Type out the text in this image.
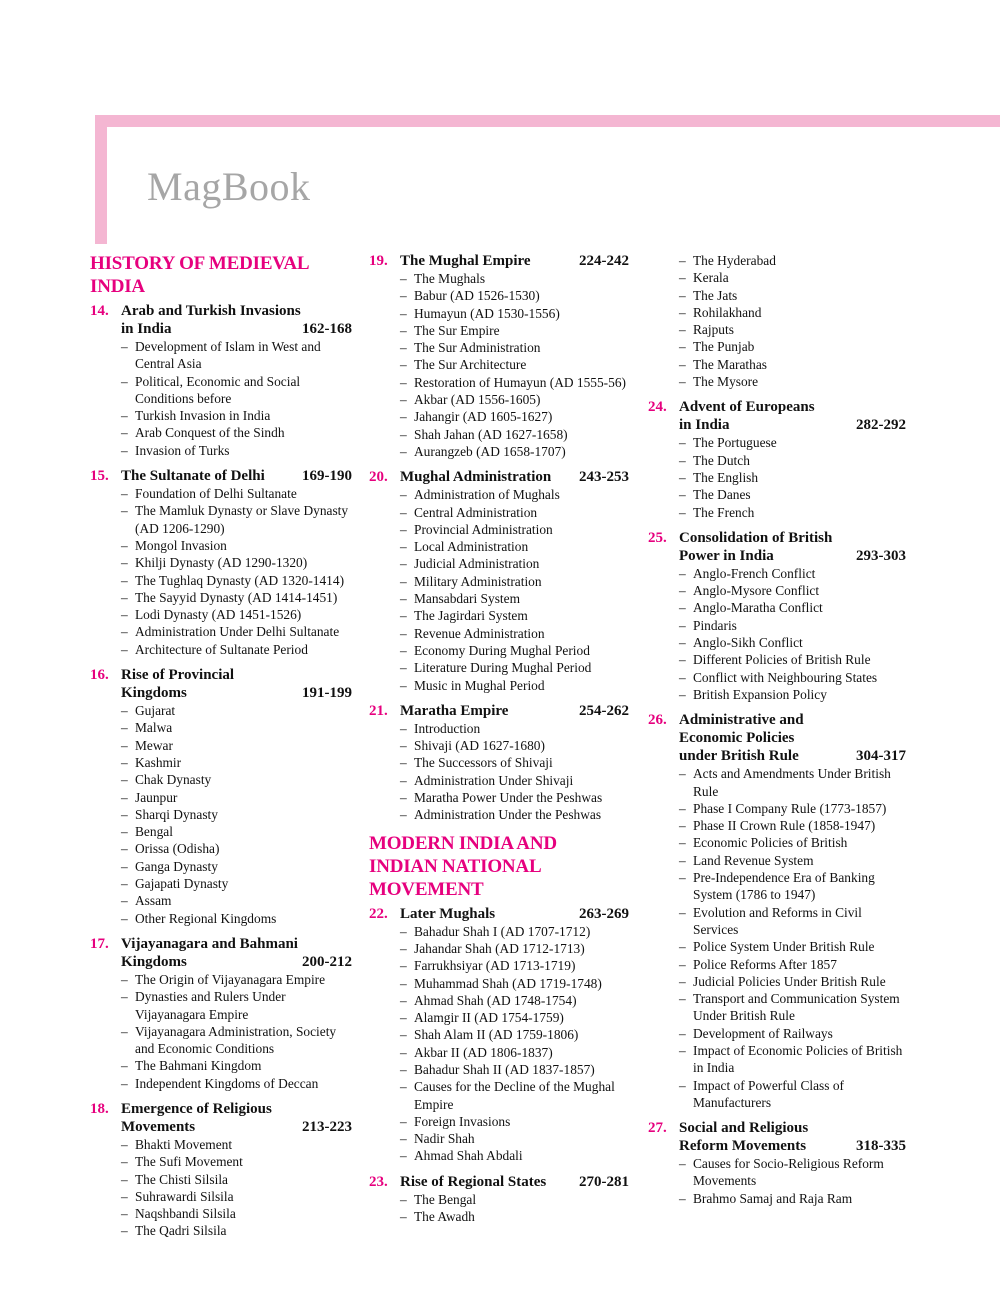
MagBook
HISTORY OF MEDIEVAL INDIA
14. Arab and Turkish Invasions
in India	162-168
– Development of Islam in West and Central Asia
– Political, Economic and Social Conditions before
– Turkish Invasion in India
– Arab Conquest of the Sindh
– Invasion of Turks
15. The Sultanate of Delhi	169-190
– Foundation of Delhi Sultanate
– The Mamluk Dynasty or Slave Dynasty (AD 1206-1290)
– Mongol Invasion
– Khilji Dynasty (AD 1290-1320)
– The Tughlaq Dynasty (AD 1320-1414)
– The Sayyid Dynasty (AD 1414-1451)
– Lodi Dynasty (AD 1451-1526)
– Administration Under Delhi Sultanate
– Architecture of Sultanate Period
16. Rise of Provincial
Kingdoms	191-199
– Gujarat
– Malwa
– Mewar
– Kashmir
– Chak Dynasty
– Jaunpur
– Sharqi Dynasty
– Bengal
– Orissa (Odisha)
– Ganga Dynasty
– Gajapati Dynasty
– Assam
– Other Regional Kingdoms
17. Vijayanagara and Bahmani
Kingdoms	200-212
– The Origin of Vijayanagara Empire
– Dynasties and Rulers Under Vijayanagara Empire
– Vijayanagara Administration, Society and Economic Conditions
– The Bahmani Kingdom
– Independent Kingdoms of Deccan
18. Emergence of Religious
Movements	213-223
– Bhakti Movement
– The Sufi Movement
– The Chisti Silsila
– Suhrawardi Silsila
– Naqshbandi Silsila
– The Qadri Silsila
19. The Mughal Empire	224-242
– The Mughals
– Babur (AD 1526-1530)
– Humayun (AD 1530-1556)
– The Sur Empire
– The Sur Administration
– The Sur Architecture
– Restoration of Humayun (AD 1555-56)
– Akbar (AD 1556-1605)
– Jahangir (AD 1605-1627)
– Shah Jahan (AD 1627-1658)
– Aurangzeb (AD 1658-1707)
20. Mughal Administration	243-253
– Administration of Mughals
– Central Administration
– Provincial Administration
– Local Administration
– Judicial Administration
– Military Administration
– Mansabdari System
– The Jagirdari System
– Revenue Administration
– Economy During Mughal Period
– Literature During Mughal Period
– Music in Mughal Period
21. Maratha Empire	254-262
– Introduction
– Shivaji (AD 1627-1680)
– The Successors of Shivaji
– Administration Under Shivaji
– Maratha Power Under the Peshwas
– Administration Under the Peshwas
MODERN INDIA AND INDIAN NATIONAL MOVEMENT
22. Later Mughals	263-269
– Bahadur Shah I (AD 1707-1712)
– Jahandar Shah (AD 1712-1713)
– Farrukhsiyar (AD 1713-1719)
– Muhammad Shah (AD 1719-1748)
– Ahmad Shah (AD 1748-1754)
– Alamgir II (AD 1754-1759)
– Shah Alam II (AD 1759-1806)
– Akbar II (AD 1806-1837)
– Bahadur Shah II (AD 1837-1857)
– Causes for the Decline of the Mughal Empire
– Foreign Invasions
– Nadir Shah
– Ahmad Shah Abdali
23. Rise of Regional States	270-281
– The Bengal
– The Awadh
– The Hyderabad
– Kerala
– The Jats
– Rohilakhand
– Rajputs
– The Punjab
– The Marathas
– The Mysore
24. Advent of Europeans
in India	282-292
– The Portuguese
– The Dutch
– The English
– The Danes
– The French
25. Consolidation of British
Power in India	293-303
– Anglo-French Conflict
– Anglo-Mysore Conflict
– Anglo-Maratha Conflict
– Pindaris
– Anglo-Sikh Conflict
– Different Policies of British Rule
– Conflict with Neighbouring States
– British Expansion Policy
26. Administrative and
Economic Policies
under British Rule	304-317
– Acts and Amendments Under British Rule
– Phase I Company Rule (1773-1857)
– Phase II Crown Rule (1858-1947)
– Economic Policies of British
– Land Revenue System
– Pre-Independence Era of Banking System (1786 to 1947)
– Evolution and Reforms in Civil Services
– Police System Under British Rule
– Police Reforms After 1857
– Judicial Policies Under British Rule
– Transport and Communication System Under British Rule
– Development of Railways
– Impact of Economic Policies of British in India
– Impact of Powerful Class of Manufacturers
27. Social and Religious
Reform Movements	318-335
– Causes for Socio-Religious Reform Movements
– Brahmo Samaj and Raja Ram
